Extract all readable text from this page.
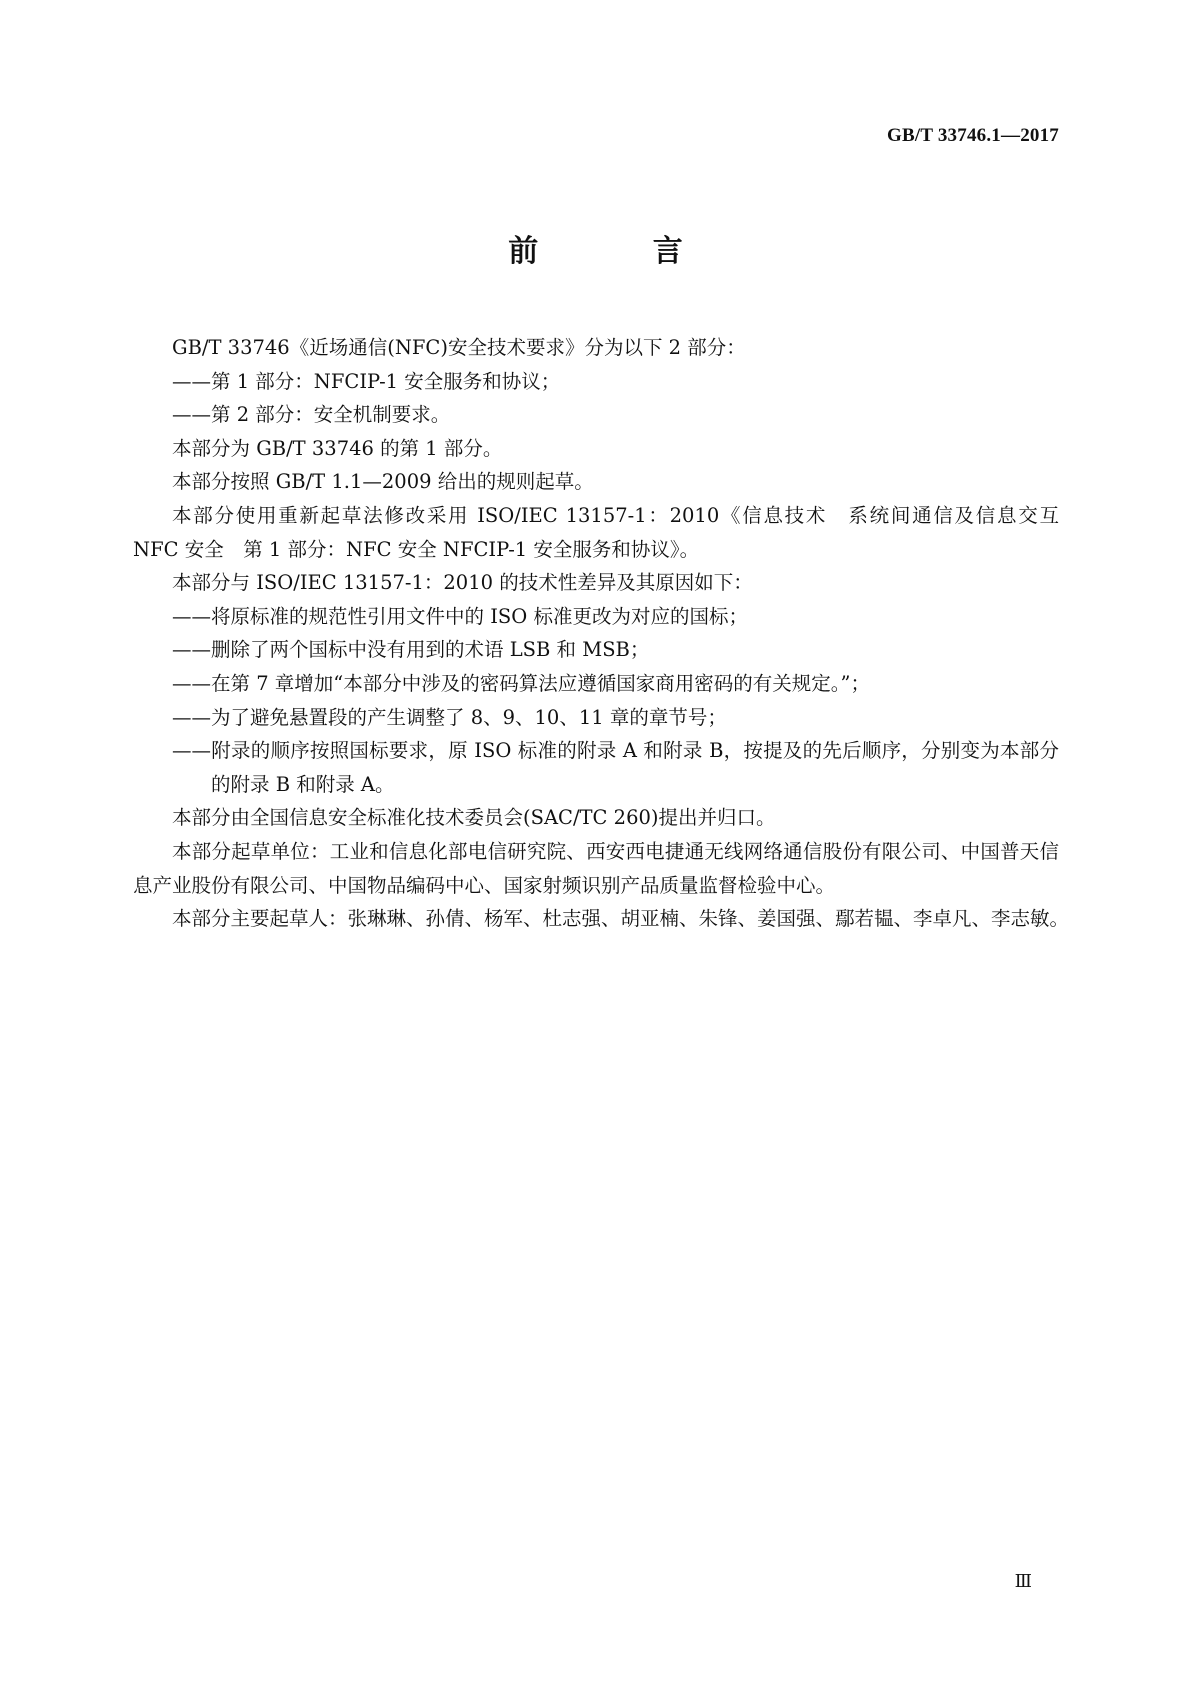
GB/T 33746.1—2017
前 言

GB/T 33746《近场通信(NFC)安全技术要求》分为以下 2 部分：

——第 1 部分：NFCIP-1 安全服务和协议；

——第 2 部分：安全机制要求。

本部分为 GB/T 33746 的第 1 部分。

本部分按照 GB/T 1.1—2009 给出的规则起草。

本部分使用重新起草法修改采用 ISO/IEC 13157-1：2010《信息技术　系统间通信及信息交互　NFC 安全　第 1 部分：NFC 安全 NFCIP-1 安全服务和协议》。

本部分与 ISO/IEC 13157-1：2010 的技术性差异及其原因如下：

——将原标准的规范性引用文件中的 ISO 标准更改为对应的国标；

——删除了两个国标中没有用到的术语 LSB 和 MSB；

——在第 7 章增加“本部分中涉及的密码算法应遵循国家商用密码的有关规定。”；

——为了避免悬置段的产生调整了 8、9、10、11 章的章节号；

——附录的顺序按照国标要求，原 ISO 标准的附录 A 和附录 B，按提及的先后顺序，分别变为本部分的附录 B 和附录 A。

本部分由全国信息安全标准化技术委员会(SAC/TC 260)提出并归口。

本部分起草单位：工业和信息化部电信研究院、西安西电捷通无线网络通信股份有限公司、中国普天信息产业股份有限公司、中国物品编码中心、国家射频识别产品质量监督检验中心。

本部分主要起草人：张琳琳、孙倩、杨军、杜志强、胡亚楠、朱锋、姜国强、鄢若韫、李卓凡、李志敏。

Ⅲ
